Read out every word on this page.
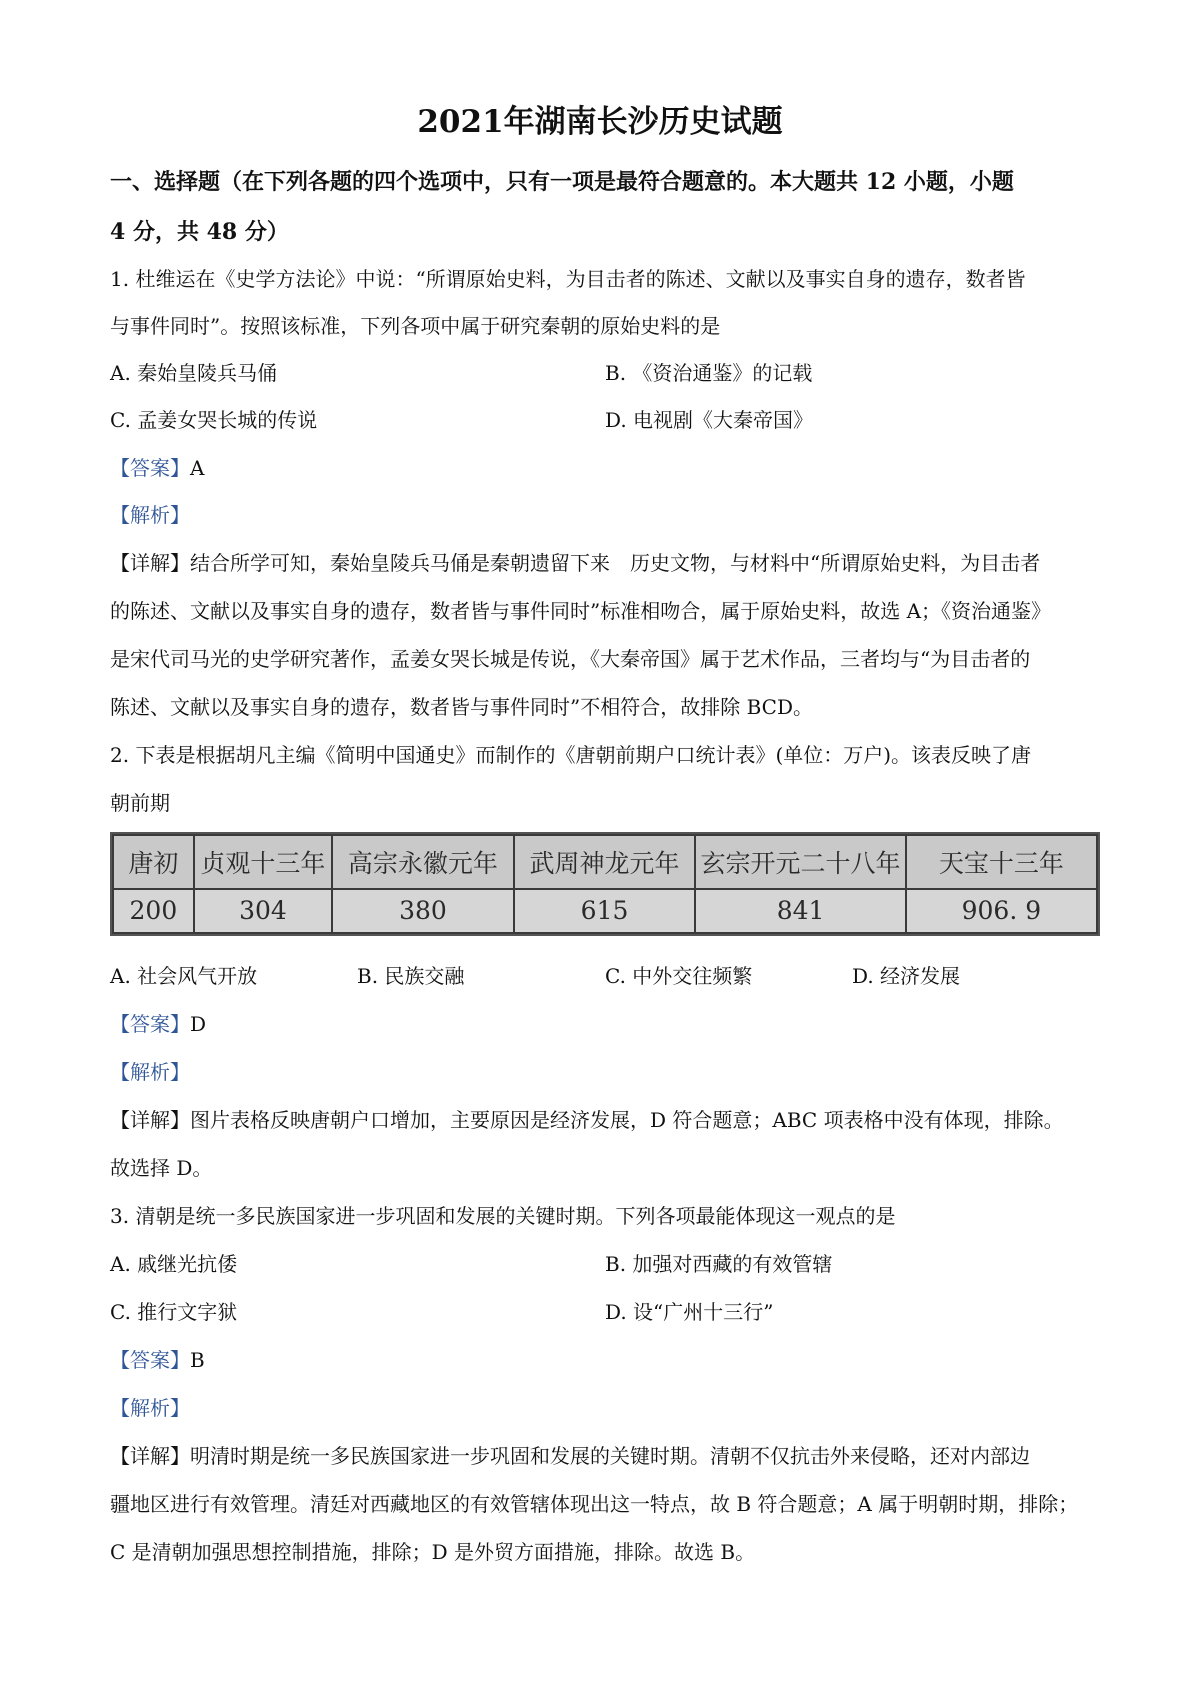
2021年湖南长沙历史试题
一、选择题（在下列各题的四个选项中，只有一项是最符合题意的。本大题共 12 小题，小题
4 分，共 48 分）
1. 杜维运在《史学方法论》中说：“所谓原始史料，为目击者的陈述、文献以及事实自身的遗存，数者皆
与事件同时”。按照该标准，下列各项中属于研究秦朝的原始史料的是
A. 秦始皇陵兵马俑	B. 《资治通鉴》的记载
C. 孟姜女哭长城的传说	D. 电视剧《大秦帝国》
【答案】A
【解析】
【详解】结合所学可知，秦始皇陵兵马俑是秦朝遗留下来　历史文物，与材料中“所谓原始史料，为目击者
的陈述、文献以及事实自身的遗存，数者皆与事件同时”标准相吻合，属于原始史料，故选 A；《资治通鉴》
是宋代司马光的史学研究著作，孟姜女哭长城是传说，《大秦帝国》属于艺术作品，三者均与“为目击者的
陈述、文献以及事实自身的遗存，数者皆与事件同时”不相符合，故排除 BCD。
2. 下表是根据胡凡主编《简明中国通史》而制作的《唐朝前期户口统计表》(单位：万户)。该表反映了唐
朝前期
唐初	贞观十三年	高宗永徽元年	武周神龙元年	玄宗开元二十八年	天宝十三年
200	304	380	615	841	906. 9
A. 社会风气开放	B. 民族交融	C. 中外交往频繁	D. 经济发展
【答案】D
【解析】
【详解】图片表格反映唐朝户口增加，主要原因是经济发展，D 符合题意；ABC 项表格中没有体现，排除。
故选择 D。
3. 清朝是统一多民族国家进一步巩固和发展的关键时期。下列各项最能体现这一观点的是
A. 戚继光抗倭	B. 加强对西藏的有效管辖
C. 推行文字狱	D. 设“广州十三行”
【答案】B
【解析】
【详解】明清时期是统一多民族国家进一步巩固和发展的关键时期。清朝不仅抗击外来侵略，还对内部边
疆地区进行有效管理。清廷对西藏地区的有效管辖体现出这一特点，故 B 符合题意；A 属于明朝时期，排除；
C 是清朝加强思想控制措施，排除；D 是外贸方面措施，排除。故选 B。
